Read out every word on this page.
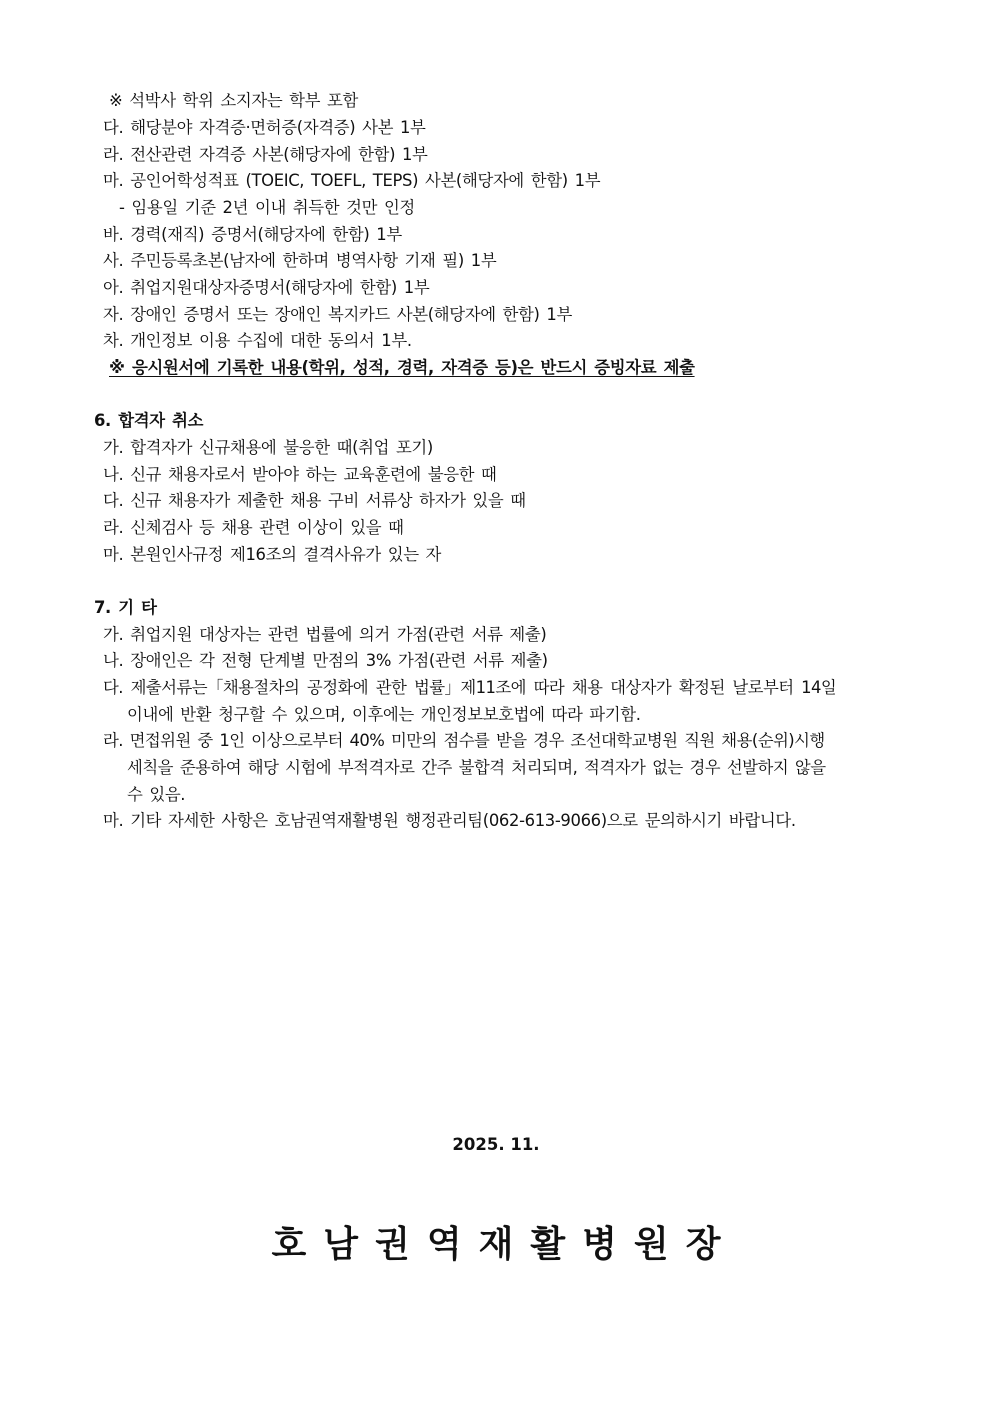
※ 석박사 학위 소지자는 학부 포함
다. 해당분야 자격증·면허증(자격증) 사본 1부
라. 전산관련 자격증 사본(해당자에 한함) 1부
마. 공인어학성적표 (TOEIC, TOEFL, TEPS) 사본(해당자에 한함) 1부
- 임용일 기준 2년 이내 취득한 것만 인정
바. 경력(재직) 증명서(해당자에 한함) 1부
사. 주민등록초본(남자에 한하며 병역사항 기재 필) 1부
아. 취업지원대상자증명서(해당자에 한함) 1부
자. 장애인 증명서 또는 장애인 복지카드 사본(해당자에 한함) 1부
차. 개인정보 이용 수집에 대한 동의서 1부.
※ 응시원서에 기록한 내용(학위, 성적, 경력, 자격증 등)은 반드시 증빙자료 제출
6. 합격자 취소
가. 합격자가 신규채용에 불응한 때(취업 포기)
나. 신규 채용자로서 받아야 하는 교육훈련에 불응한 때
다. 신규 채용자가 제출한 채용 구비 서류상 하자가 있을 때
라. 신체검사 등 채용 관련 이상이 있을 때
마. 본원인사규정 제16조의 결격사유가 있는 자
7. 기 타
가. 취업지원 대상자는 관련 법률에 의거 가점(관련 서류 제출)
나. 장애인은 각 전형 단계별 만점의 3% 가점(관련 서류 제출)
다. 제출서류는「채용절차의 공정화에 관한 법률」제11조에 따라 채용 대상자가 확정된 날로부터 14일
이내에 반환 청구할 수 있으며, 이후에는 개인정보보호법에 따라 파기함.
라. 면접위원 중 1인 이상으로부터 40% 미만의 점수를 받을 경우 조선대학교병원 직원 채용(순위)시행
세칙을 준용하여 해당 시험에 부적격자로 간주 불합격 처리되며, 적격자가 없는 경우 선발하지 않을
수 있음.
마. 기타 자세한 사항은 호남권역재활병원 행정관리팀(062-613-9066)으로 문의하시기 바랍니다.
2025. 11.
호남권역재활병원장
